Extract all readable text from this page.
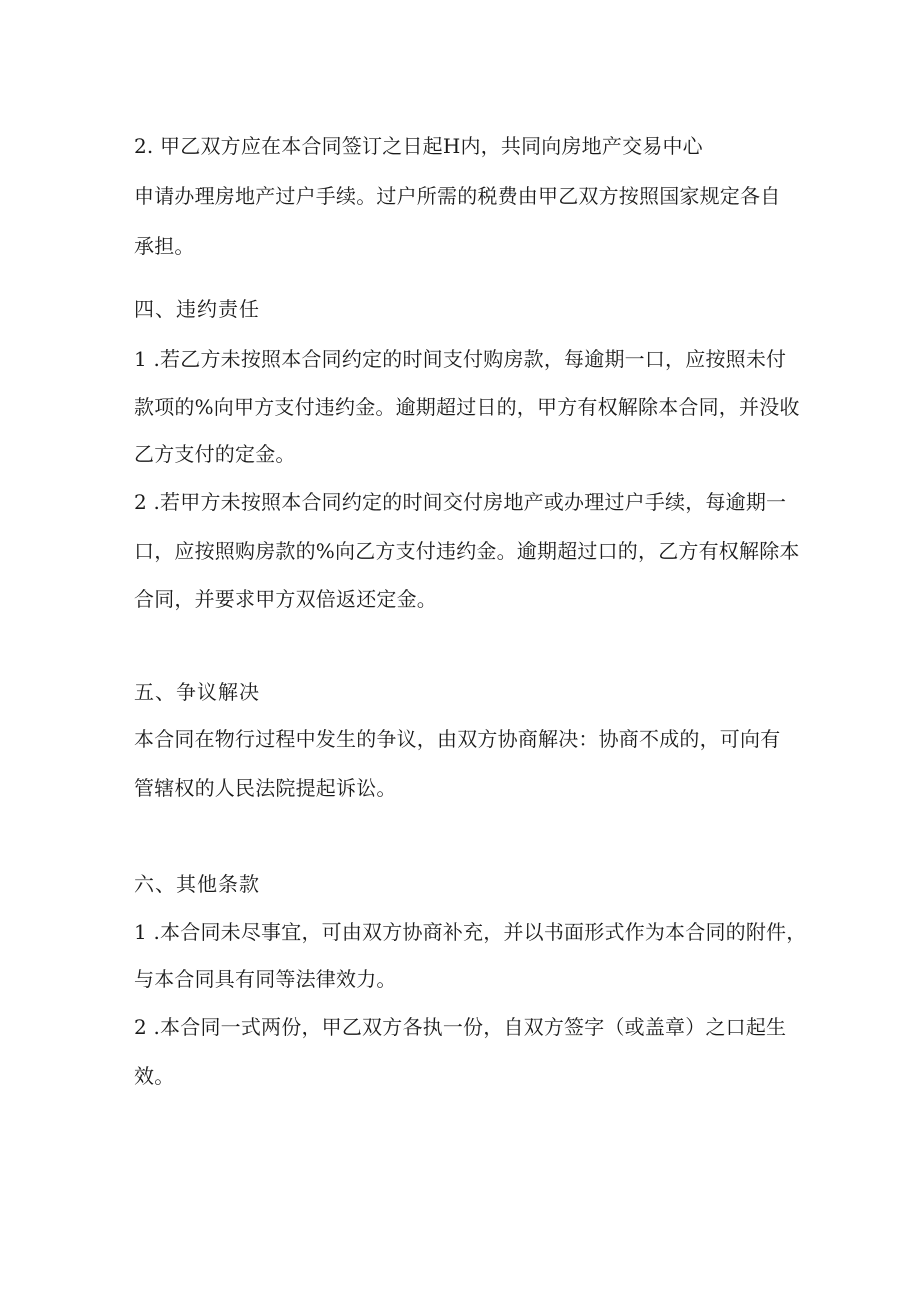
2. 甲乙双方应在本合同签订之日起H内，共同向房地产交易中心
申请办理房地产过户手续。过户所需的税费由甲乙双方按照国家规定各自
承担。
四、违约责任
1 .若乙方未按照本合同约定的时间支付购房款，每逾期一口，应按照未付
款项的%向甲方支付违约金。逾期超过日的，甲方有权解除本合同，并没收
乙方支付的定金。
2 .若甲方未按照本合同约定的时间交付房地产或办理过户手续，每逾期一
口，应按照购房款的%向乙方支付违约金。逾期超过口的，乙方有权解除本
合同，并要求甲方双倍返还定金。
五、争议解决
本合同在物行过程中发生的争议，由双方协商解决：协商不成的，可向有
管辖权的人民法院提起诉讼。
六、其他条款
1 .本合同未尽事宜，可由双方协商补充，并以书面形式作为本合同的附件，
与本合同具有同等法律效力。
2 .本合同一式两份，甲乙双方各执一份，自双方签字（或盖章）之口起生
效。
